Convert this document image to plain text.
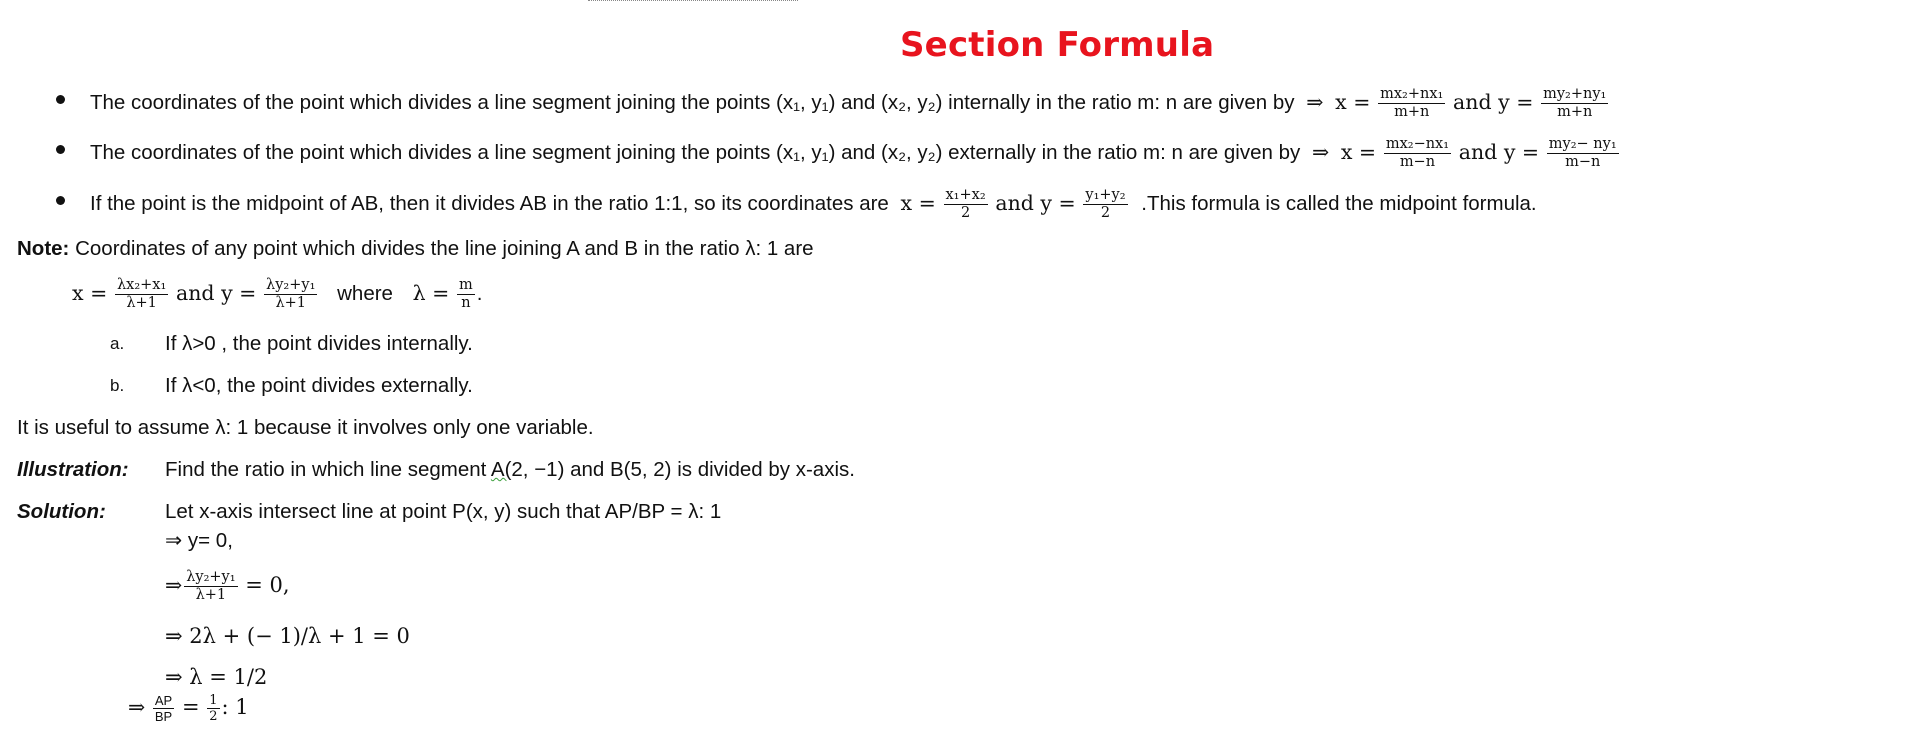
Section Formula
The coordinates of the point which divides a line segment joining the points (x₁, y₁) and (x₂, y₂) internally in the ratio m: n are given by ⇒ $x = \frac{\text{mx₂+nx₁}}{m+n}$ and $y = \frac{\text{my₂+ny₁}}{m+n}$
The coordinates of the point which divides a line segment joining the points (x₁, y₁) and (x₂, y₂) externally in the ratio m: n are given by ⇒ $x = \frac{\text{mx₂−nx₁}}{m-n}$ and $y = \frac{\text{my₂− ny₁}}{m-n}$
If the point is the midpoint of AB, then it divides AB in the ratio 1:1, so its coordinates are $x = \frac{\text{x₁+x₂}}{2}$ and $y = \frac{\text{y₁+y₂}}{2}$ .This formula is called the midpoint formula.
Note: Coordinates of any point which divides the line joining A and B in the ratio λ: 1 are
$x = \frac{\text{λx₂+x₁}}{\lambda+1}$ and $y = \frac{\text{λy₂+y₁}}{\lambda+1}$ where $\lambda = \frac{m}{n}$ .
a. If λ>0 , the point divides internally.
b. If λ<0, the point divides externally.
It is useful to assume λ: 1 because it involves only one variable.
Illustration: Find the ratio in which line segment A(2, −1) and B(5, 2) is divided by x-axis.
Solution:	Let x-axis intersect line at point P(x, y) such that AP/BP = λ: 1
⇒ y= 0,
⇒ $\frac{\text{λy₂+y₁}}{\lambda+1} = 0$,
⇒ 2λ + (− 1)/λ + 1 = 0
⇒ λ = 1/2
⇒ $\frac{AP}{BP} = \frac{1}{2}$ : 1
